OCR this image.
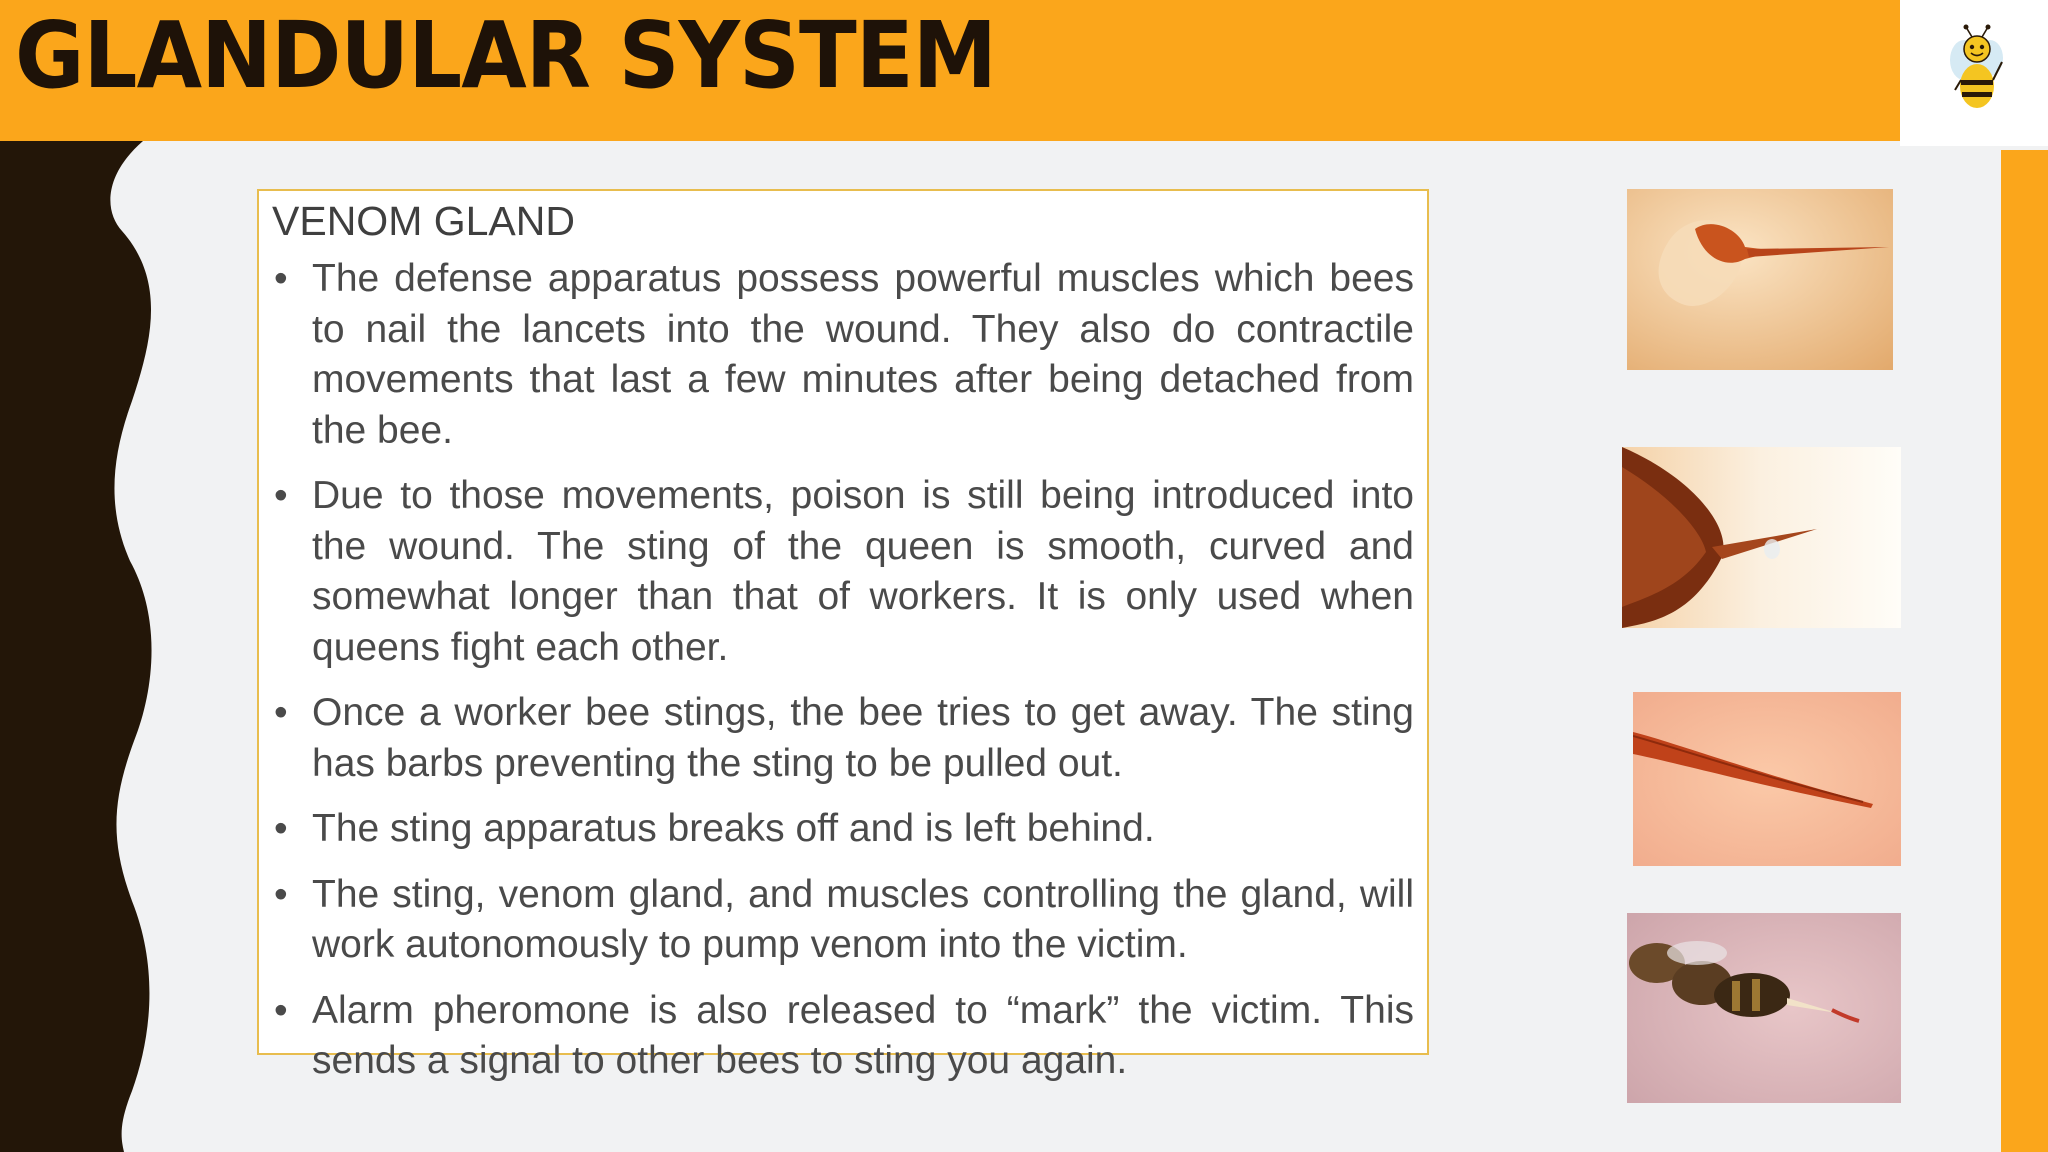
GLANDULAR SYSTEM
VENOM GLAND
• The defense apparatus possess powerful muscles which bees to nail the lancets into the wound. They also do contractile movements that last a few minutes after being detached from the bee.
• Due to those movements, poison is still being introduced into the wound. The sting of the queen is smooth, curved and somewhat longer than that of workers. It is only used when queens fight each other.
• Once a worker bee stings, the bee tries to get away. The sting has barbs preventing the sting to be pulled out.
• The sting apparatus breaks off and is left behind.
• The sting, venom gland, and muscles controlling the gland, will work autonomously to pump venom into the victim.
• Alarm pheromone is also released to “mark” the victim. This sends a signal to other bees to sting you again.
